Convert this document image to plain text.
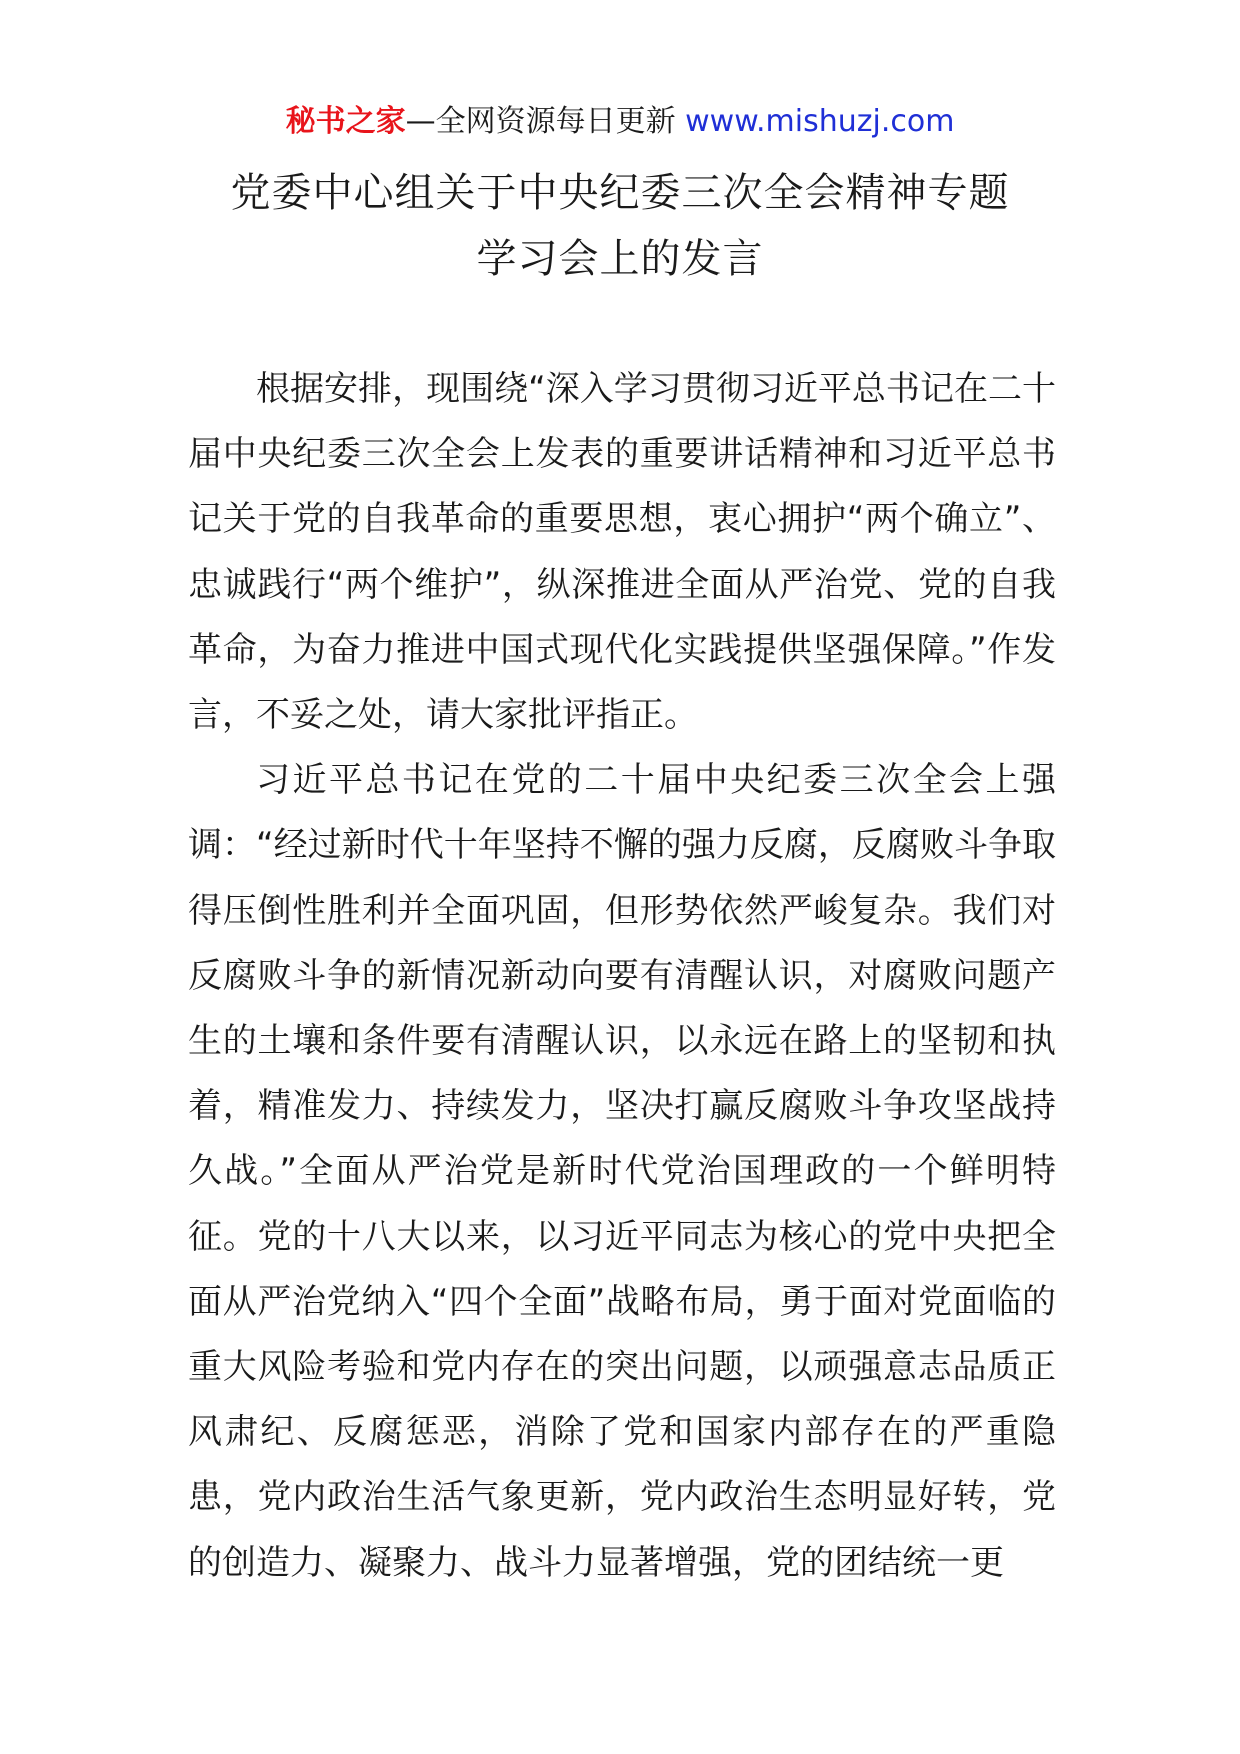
秘书之家—全网资源每日更新 www.mishuzj.com
党委中心组关于中央纪委三次全会精神专题
学习会上的发言

根据安排，现围绕“深入学习贯彻习近平总书记在二十届中央纪委三次全会上发表的重要讲话精神和习近平总书记关于党的自我革命的重要思想，衷心拥护“两个确立”、忠诚践行“两个维护”，纵深推进全面从严治党、党的自我革命，为奋力推进中国式现代化实践提供坚强保障。”作发言，不妥之处，请大家批评指正。

习近平总书记在党的二十届中央纪委三次全会上强调：“经过新时代十年坚持不懈的强力反腐，反腐败斗争取得压倒性胜利并全面巩固，但形势依然严峻复杂。我们对反腐败斗争的新情况新动向要有清醒认识，对腐败问题产生的土壤和条件要有清醒认识，以永远在路上的坚韧和执着，精准发力、持续发力，坚决打赢反腐败斗争攻坚战持久战。”全面从严治党是新时代党治国理政的一个鲜明特征。党的十八大以来，以习近平同志为核心的党中央把全面从严治党纳入“四个全面”战略布局，勇于面对党面临的重大风险考验和党内存在的突出问题，以顽强意志品质正风肃纪、反腐惩恶，消除了党和国家内部存在的严重隐患，党内政治生活气象更新，党内政治生态明显好转，党的创造力、凝聚力、战斗力显著增强，党的团结统一更
